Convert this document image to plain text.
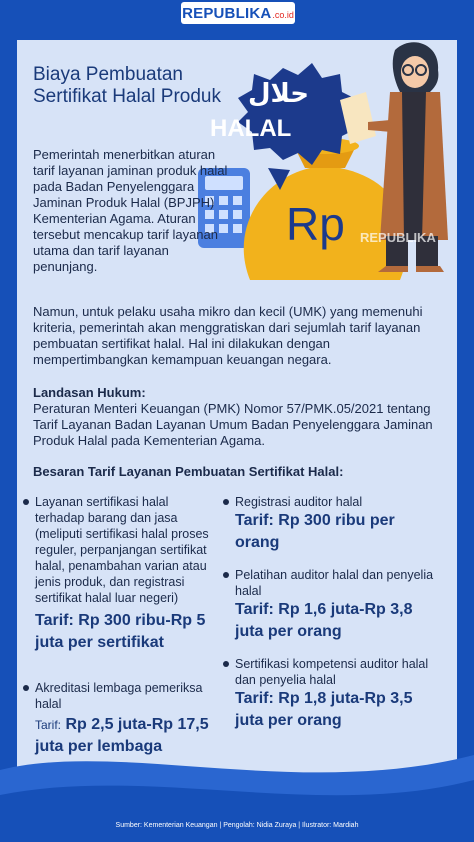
REPUBLIKA .co.id
Rp
حلال
HALAL
REPUBLIKA
Biaya Pembuatan Sertifikat Halal Produk
Pemerintah menerbitkan aturan tarif layanan jaminan produk halal pada Badan Penyelenggara Jaminan Produk Halal (BPJPH) Kementerian Agama. Aturan tersebut mencakup tarif layanan utama dan tarif layanan penunjang.
Namun, untuk pelaku usaha mikro dan kecil (UMK) yang memenuhi kriteria, pemerintah akan menggratiskan dari sejumlah tarif layanan pembuatan sertifikat halal. Hal ini dilakukan dengan mempertimbangkan kemampuan keuangan negara.
Landasan Hukum:
Peraturan Menteri Keuangan (PMK) Nomor 57/PMK.05/2021 tentang Tarif Layanan Badan Layanan Umum Badan Penyelenggara Jaminan Produk Halal pada Kementerian Agama.
Besaran Tarif Layanan Pembuatan Sertifikat Halal:
Layanan sertifikasi halal terhadap barang dan jasa (meliputi sertifikasi halal proses reguler, perpanjangan sertifikat halal, penambahan varian atau jenis produk, dan registrasi sertifikat halal luar negeri)
Tarif: Rp 300 ribu-Rp 5 juta per sertifikat
Akreditasi lembaga pemeriksa halal
Tarif: Rp 2,5 juta-Rp 17,5 juta per lembaga
Registrasi auditor halal
Tarif: Rp 300 ribu per orang
Pelatihan auditor halal dan penyelia halal
Tarif: Rp 1,6 juta-Rp 3,8 juta per orang
Sertifikasi kompetensi auditor halal dan penyelia halal
Tarif: Rp 1,8 juta-Rp 3,5 juta per orang
Sumber: Kementerian Keuangan | Pengolah: Nidia Zuraya | Ilustrator: Mardiah
